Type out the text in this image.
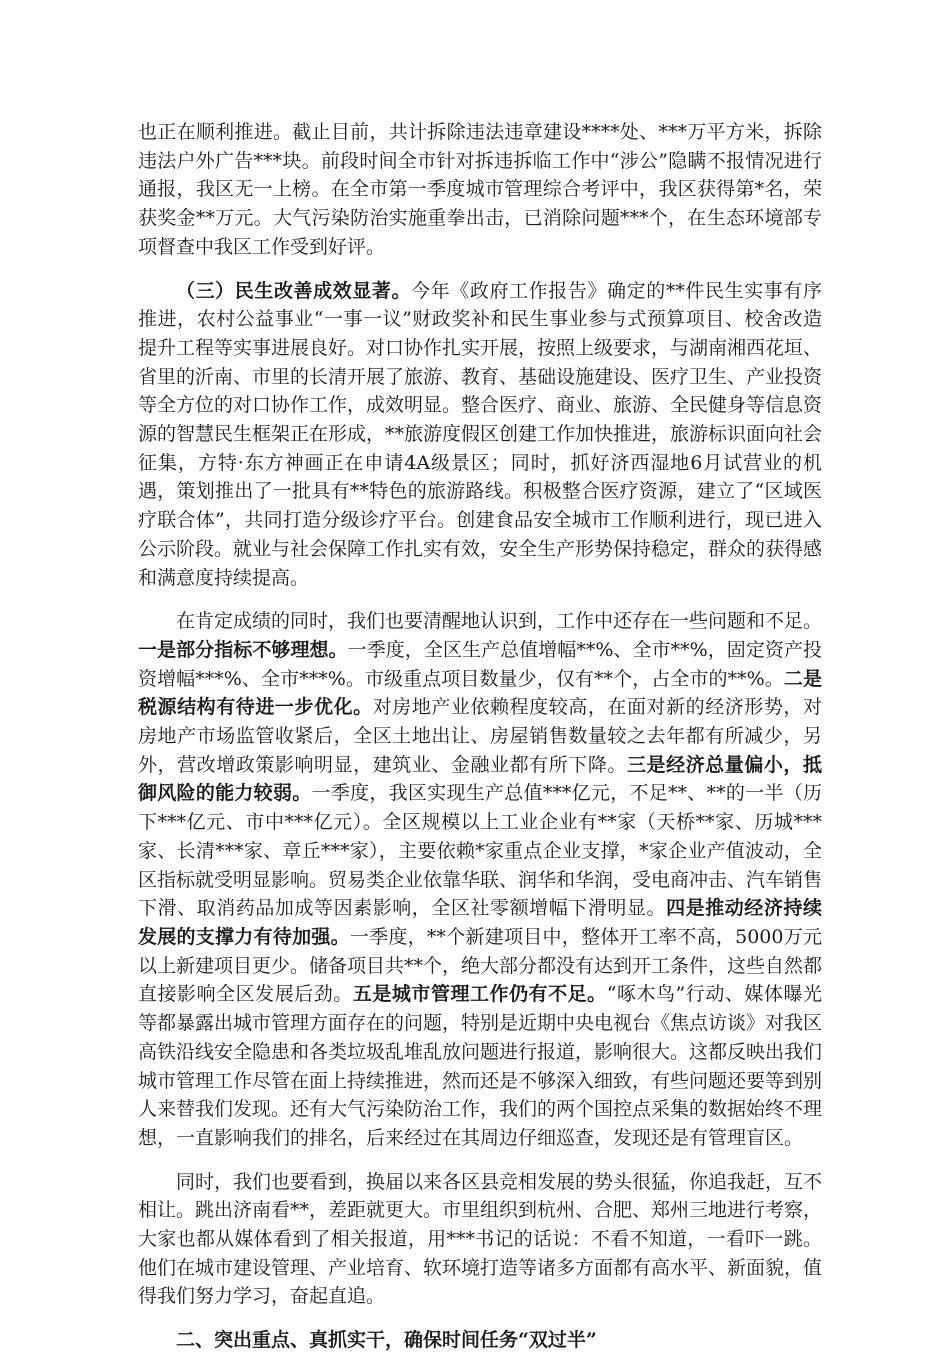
也正在顺利推进。截止目前，共计拆除违法违章建设****处、***万平方米，拆除违法户外广告***块。前段时间全市针对拆违拆临工作中“涉公”隐瞒不报情况进行通报，我区无一上榜。在全市第一季度城市管理综合考评中，我区获得第*名，荣获奖金**万元。大气污染防治实施重拳出击，已消除问题***个，在生态环境部专项督查中我区工作受到好评。

（三）民生改善成效显著。今年《政府工作报告》确定的**件民生实事有序推进，农村公益事业“一事一议”财政奖补和民生事业参与式预算项目、校舍改造提升工程等实事进展良好。对口协作扎实开展，按照上级要求，与湖南湘西花垣、省里的沂南、市里的长清开展了旅游、教育、基础设施建设、医疗卫生、产业投资等全方位的对口协作工作，成效明显。整合医疗、商业、旅游、全民健身等信息资源的智慧民生框架正在形成，**旅游度假区创建工作加快推进，旅游标识面向社会征集，方特·东方神画正在申请4A级景区；同时，抓好济西湿地6月试营业的机遇，策划推出了一批具有**特色的旅游路线。积极整合医疗资源，建立了“区域医疗联合体”，共同打造分级诊疗平台。创建食品安全城市工作顺利进行，现已进入公示阶段。就业与社会保障工作扎实有效，安全生产形势保持稳定，群众的获得感和满意度持续提高。

在肯定成绩的同时，我们也要清醒地认识到，工作中还存在一些问题和不足。一是部分指标不够理想。一季度，全区生产总值增幅**%、全市**%，固定资产投资增幅***%、全市***%。市级重点项目数量少，仅有**个，占全市的**%。二是税源结构有待进一步优化。对房地产业依赖程度较高，在面对新的经济形势，对房地产市场监管收紧后，全区土地出让、房屋销售数量较之去年都有所减少，另外，营改增政策影响明显，建筑业、金融业都有所下降。三是经济总量偏小，抵御风险的能力较弱。一季度，我区实现生产总值***亿元，不足**、**的一半（历下***亿元、市中***亿元）。全区规模以上工业企业有**家（天桥**家、历城***家、长清***家、章丘***家），主要依赖*家重点企业支撑，*家企业产值波动，全区指标就受明显影响。贸易类企业依靠华联、润华和华润，受电商冲击、汽车销售下滑、取消药品加成等因素影响，全区社零额增幅下滑明显。四是推动经济持续发展的支撑力有待加强。一季度，**个新建项目中，整体开工率不高，5000万元以上新建项目更少。储备项目共**个，绝大部分都没有达到开工条件，这些自然都直接影响全区发展后劲。五是城市管理工作仍有不足。“啄木鸟”行动、媒体曝光等都暴露出城市管理方面存在的问题，特别是近期中央电视台《焦点访谈》对我区高铁沿线安全隐患和各类垃圾乱堆乱放问题进行报道，影响很大。这都反映出我们城市管理工作尽管在面上持续推进，然而还是不够深入细致，有些问题还要等到别人来替我们发现。还有大气污染防治工作，我们的两个国控点采集的数据始终不理想，一直影响我们的排名，后来经过在其周边仔细巡查，发现还是有管理盲区。

同时，我们也要看到，换届以来各区县竞相发展的势头很猛，你追我赶，互不相让。跳出济南看**，差距就更大。市里组织到杭州、合肥、郑州三地进行考察，大家也都从媒体看到了相关报道，用***书记的话说：不看不知道，一看吓一跳。他们在城市建设管理、产业培育、软环境打造等诸多方面都有高水平、新面貌，值得我们努力学习，奋起直追。

二、突出重点、真抓实干，确保时间任务“双过半”
